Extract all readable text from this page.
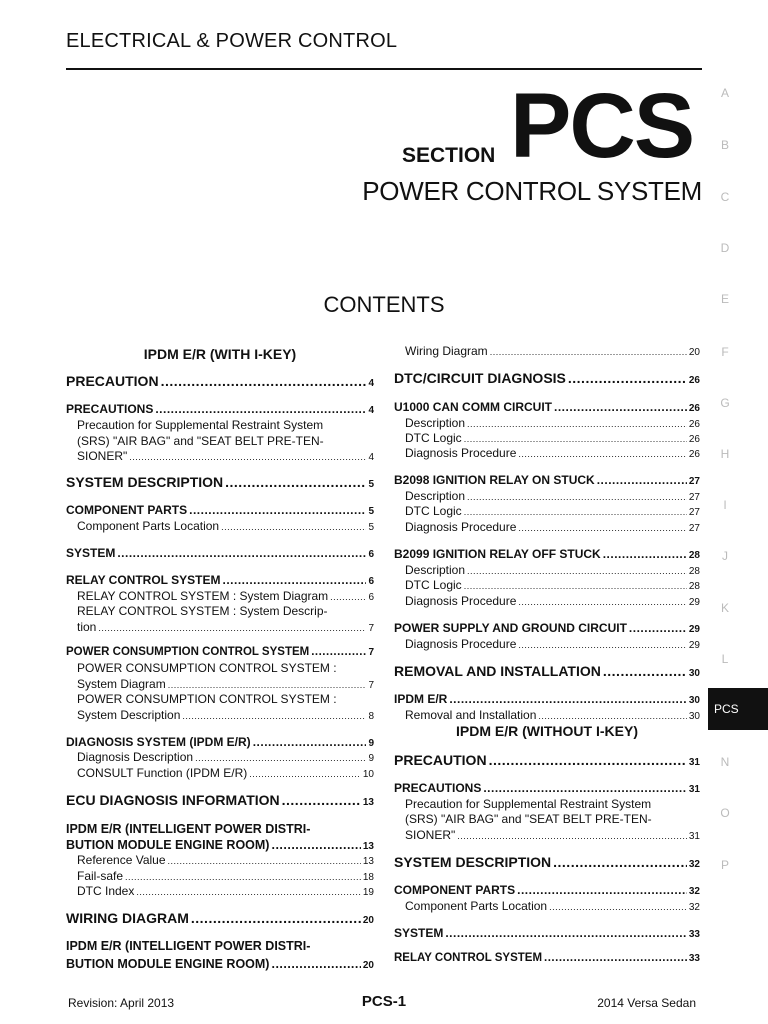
ELECTRICAL & POWER CONTROL
SECTION PCS
POWER CONTROL SYSTEM
CONTENTS
A
B
C
D
E
F
G
H
I
J
K
L
PCS
N
O
P
IPDM E/R (WITH I-KEY)
PRECAUTION .....	4
PRECAUTIONS .....	4
Precaution for Supplemental Restraint System
(SRS) "AIR BAG" and "SEAT BELT PRE-TEN-
SIONER" .....	4
SYSTEM DESCRIPTION .....	5
COMPONENT PARTS .....	5
Component Parts Location .....	5
SYSTEM .....	6
RELAY CONTROL SYSTEM .....	6
RELAY CONTROL SYSTEM : System Diagram .....	6
RELAY CONTROL SYSTEM : System Descrip-
tion .....	7
POWER CONSUMPTION CONTROL SYSTEM .....	7
POWER CONSUMPTION CONTROL SYSTEM :
System Diagram .....	7
POWER CONSUMPTION CONTROL SYSTEM :
System Description .....	8
DIAGNOSIS SYSTEM (IPDM E/R) .....	9
Diagnosis Description .....	9
CONSULT Function (IPDM E/R) .....	10
ECU DIAGNOSIS INFORMATION .....	13
IPDM E/R (INTELLIGENT POWER DISTRI-
BUTION MODULE ENGINE ROOM) .....	13
Reference Value .....	13
Fail-safe .....	18
DTC Index .....	19
WIRING DIAGRAM .....	20
IPDM E/R (INTELLIGENT POWER DISTRI-
BUTION MODULE ENGINE ROOM) .....	20
Wiring Diagram .....	20
DTC/CIRCUIT DIAGNOSIS .....	26
U1000 CAN COMM CIRCUIT .....	26
Description .....	26
DTC Logic .....	26
Diagnosis Procedure .....	26
B2098 IGNITION RELAY ON STUCK .....	27
Description .....	27
DTC Logic .....	27
Diagnosis Procedure .....	27
B2099 IGNITION RELAY OFF STUCK .....	28
Description .....	28
DTC Logic .....	28
Diagnosis Procedure .....	29
POWER SUPPLY AND GROUND CIRCUIT .....	29
Diagnosis Procedure .....	29
REMOVAL AND INSTALLATION .....	30
IPDM E/R .....	30
Removal and Installation .....	30
IPDM E/R (WITHOUT I-KEY)
PRECAUTION .....	31
PRECAUTIONS .....	31
Precaution for Supplemental Restraint System
(SRS) "AIR BAG" and "SEAT BELT PRE-TEN-
SIONER" .....	31
SYSTEM DESCRIPTION .....	32
COMPONENT PARTS .....	32
Component Parts Location .....	32
SYSTEM .....	33
RELAY CONTROL SYSTEM .....	33
Revision: April 2013	PCS-1	2014 Versa Sedan
